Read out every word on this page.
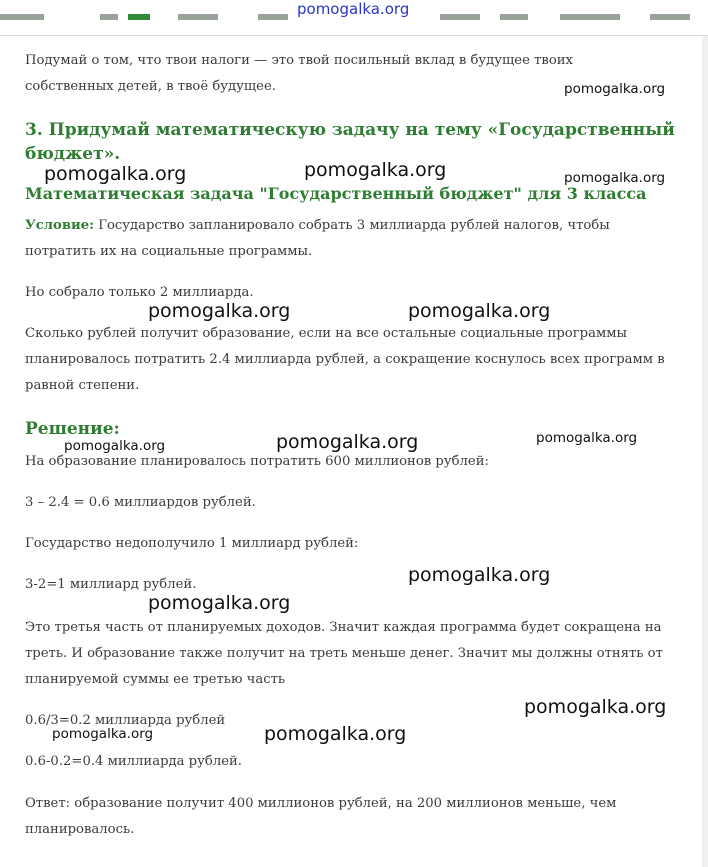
pomogalka.org
Подумай о том, что твои налоги — это твой посильный вклад в будущее твоих
собственных детей, в твоё будущее.
3. Придумай математическую задачу на тему «Государственный
бюджет».
Математическая задача "Государственный бюджет" для 3 класса
Условие: Государство запланировало собрать 3 миллиарда рублей налогов, чтобы
потратить их на социальные программы.
Но собрало только 2 миллиарда.
Сколько рублей получит образование, если на все остальные социальные программы
планировалось потратить 2.4 миллиарда рублей, а сокращение коснулось всех программ в
равной степени.
Решение:
На образование планировалось потратить 600 миллионов рублей:
3 – 2.4 = 0.6 миллиардов рублей.
Государство недополучило 1 миллиард рублей:
3-2=1 миллиард рублей.
Это третья часть от планируемых доходов. Значит каждая программа будет сокращена на
треть. И образование также получит на треть меньше денег. Значит мы должны отнять от
планируемой суммы ее третью часть
0.6/3=0.2 миллиарда рублей
0.6-0.2=0.4 миллиарда рублей.
Ответ: образование получит 400 миллионов рублей, на 200 миллионов меньше, чем
планировалось.
pomogalka.org
pomogalka.org	pomogalka.org	pomogalka.org
pomogalka.org	pomogalka.org
pomogalka.org	pomogalka.org	pomogalka.org
pomogalka.org
pomogalka.org
pomogalka.org
pomogalka.org	pomogalka.org
